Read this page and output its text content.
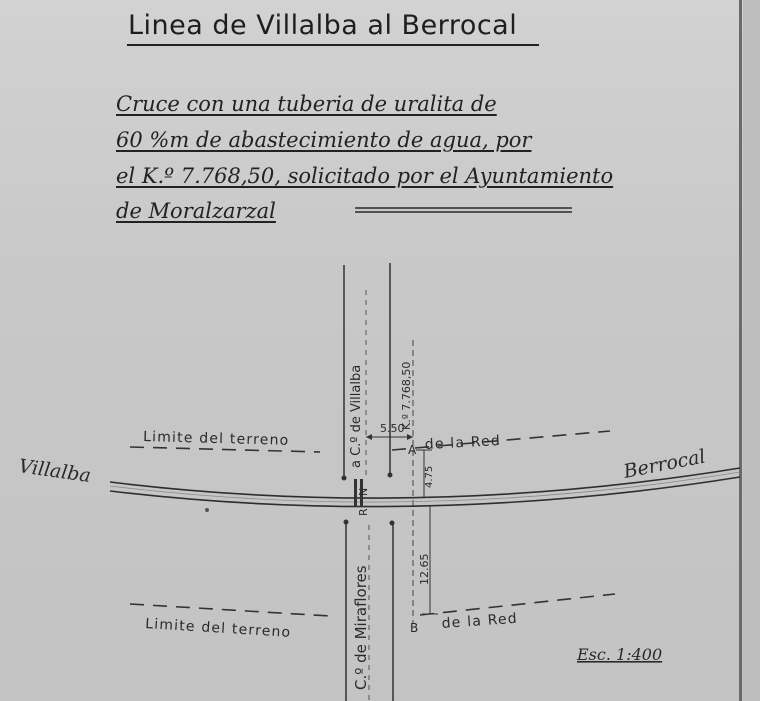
Linea de Villalba al Berrocal
Cruce con una tuberia de uralita de
60 %m de abastecimiento de agua, por
el K.º 7.768,50, solicitado por el Ayuntamiento
de Moralzarzal
Villalba	Berrocal
Limite del terreno	de la Red
Limite del terreno	de la Red
a C.º de Villalba
C.º de Miraflores
K.º 7.768,50
A
B
5.50
4.75
12.65
N
R
Esc. 1:400
